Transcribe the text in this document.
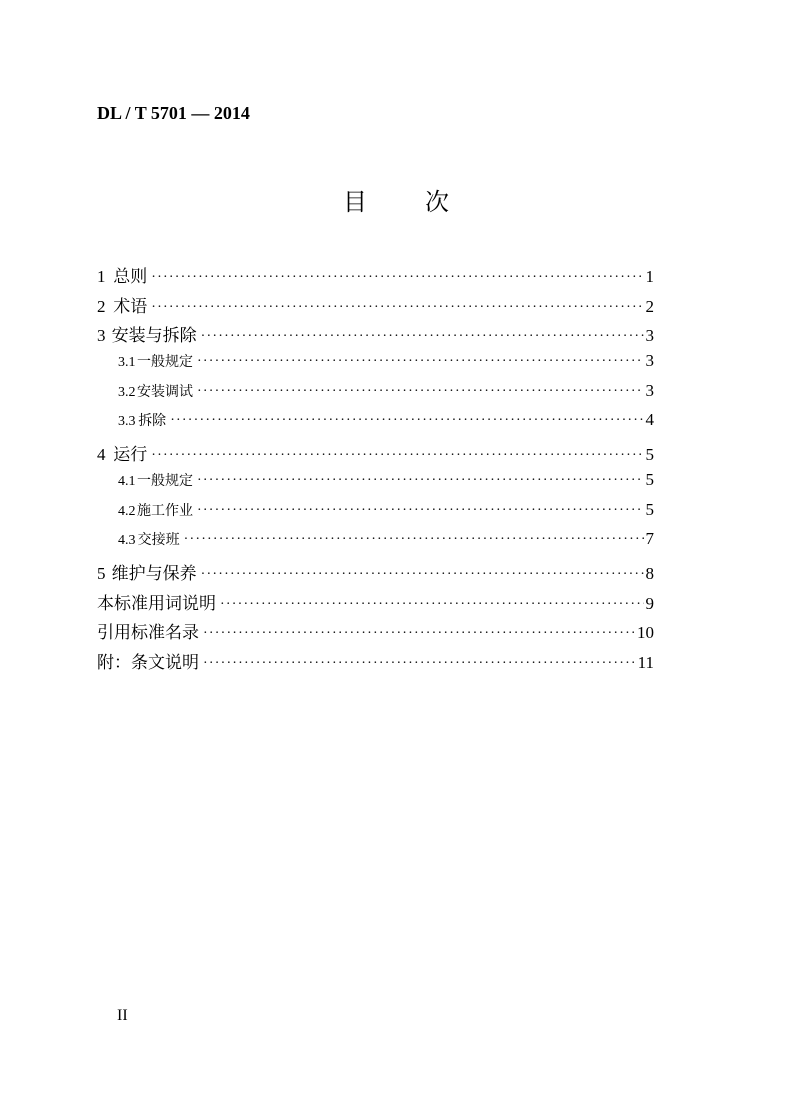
DL / T 5701 — 2014
目 次
1 总则 ·····	1
2 术语 ·····	2
3 安装与拆除 ·····	3
3.1 一般规定 ·····	3
3.2 安装调试 ·····	3
3.3 拆除 ·····	4
4 运行 ·····	5
4.1 一般规定 ·····	5
4.2 施工作业 ·····	5
4.3 交接班 ·····	7
5 维护与保养 ·····	8
本标准用词说明 ·····	9
引用标准名录 ·····	10
附：条文说明 ·····	11
II
